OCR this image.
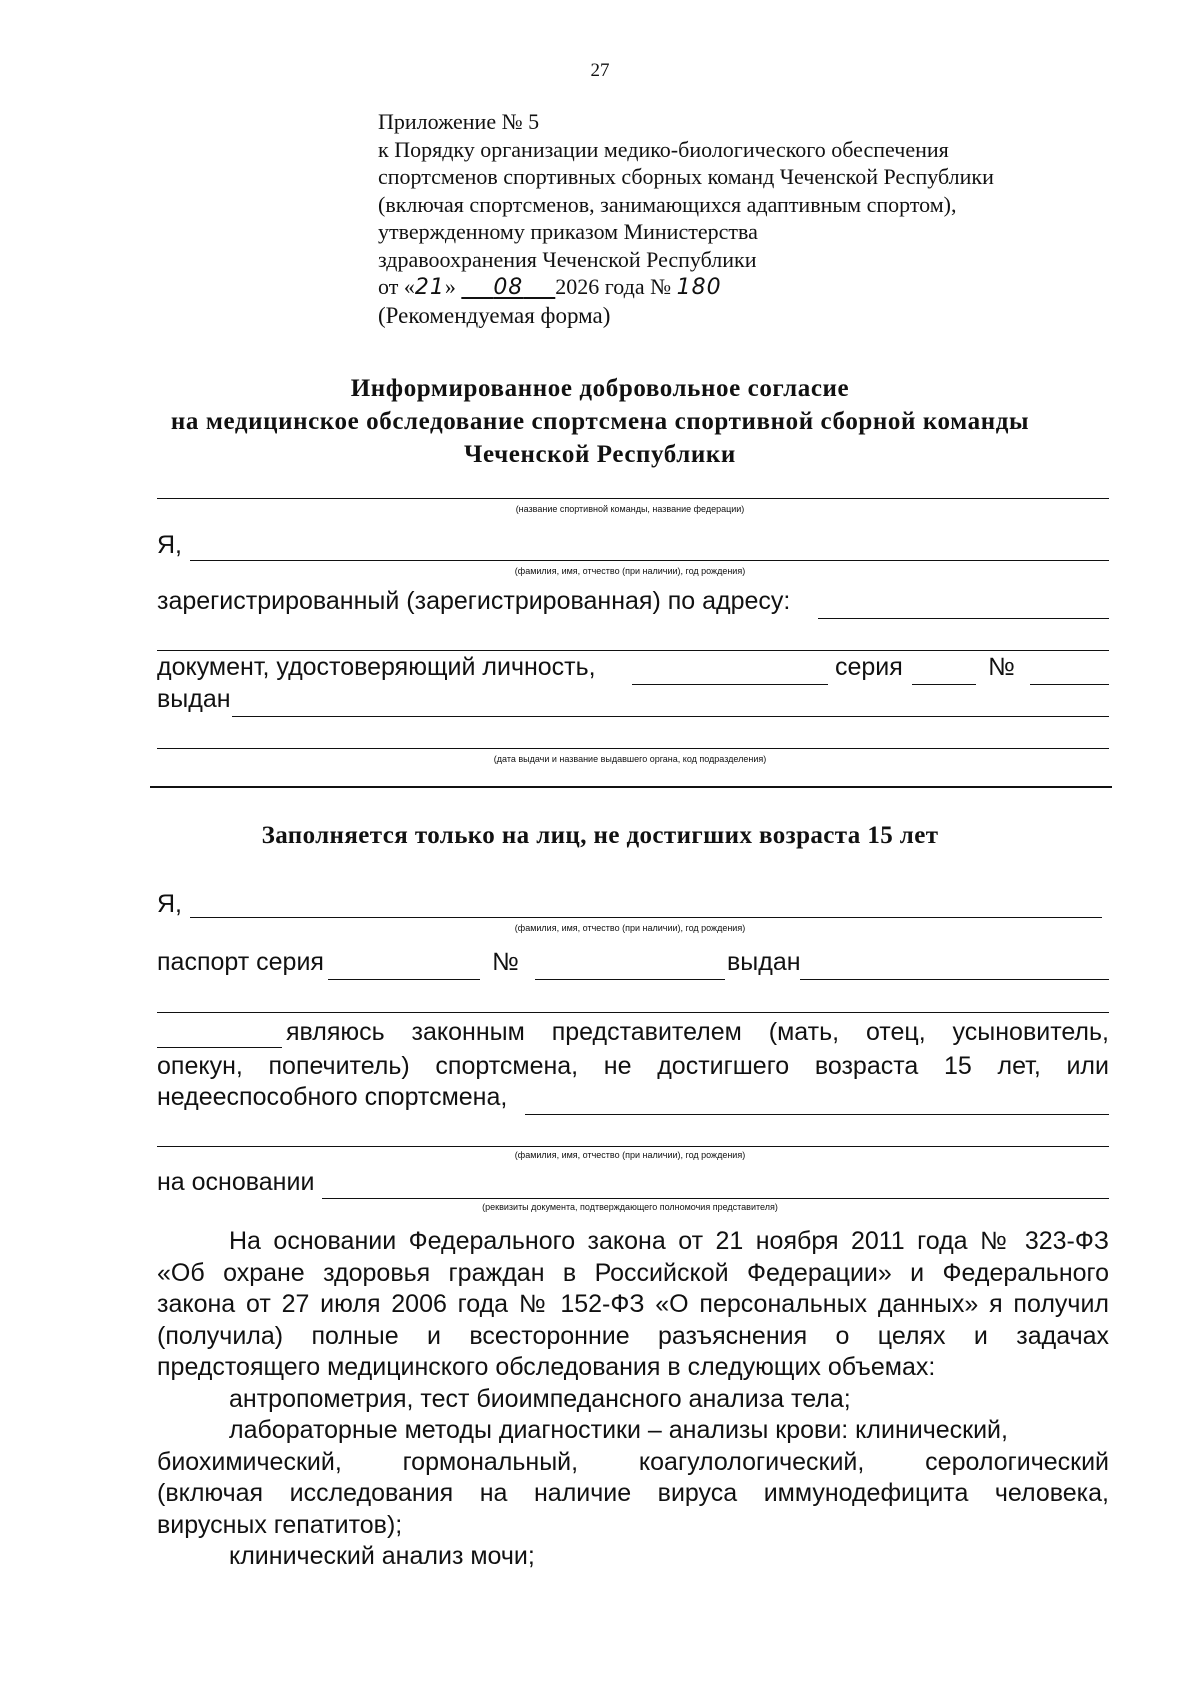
27
Приложение № 5
к Порядку организации медико-биологического обеспечения
спортсменов спортивных сборных команд Чеченской Республики
(включая спортсменов, занимающихся адаптивным спортом),
утвержденному приказом Министерства
здравоохранения Чеченской Республики
от «21» 08 2026 года № 180
(Рекомендуемая форма)
Информированное добровольное согласие
на медицинское обследование спортсмена спортивной сборной команды
Чеченской Республики
(название спортивной команды, название федерации)
Я,
(фамилия, имя, отчество (при наличии), год рождения)
зарегистрированный (зарегистрированная) по адресу:
документ, удостоверяющий личность,	серия	№
выдан
(дата выдачи и название выдавшего органа, код подразделения)
Заполняется только на лиц, не достигших возраста 15 лет
Я,
(фамилия, имя, отчество (при наличии), год рождения)
паспорт серия	№	выдан
являюсь законным представителем (мать, отец, усыновитель,
опекун, попечитель) спортсмена, не достигшего возраста 15 лет, или
недееспособного спортсмена,
(фамилия, имя, отчество (при наличии), год рождения)
на основании
(реквизиты документа, подтверждающего полномочия представителя)
На основании Федерального закона от 21 ноября 2011 года № 323-ФЗ
«Об охране здоровья граждан в Российской Федерации» и Федерального
закона от 27 июля 2006 года № 152-ФЗ «О персональных данных» я получил
(получила) полные и всесторонние разъяснения о целях и задачах
предстоящего медицинского обследования в следующих объемах:
антропометрия, тест биоимпедансного анализа тела;
лабораторные методы диагностики – анализы крови: клинический,
биохимический, гормональный, коагулологический, серологический
(включая исследования на наличие вируса иммунодефицита человека,
вирусных гепатитов);
клинический анализ мочи;
